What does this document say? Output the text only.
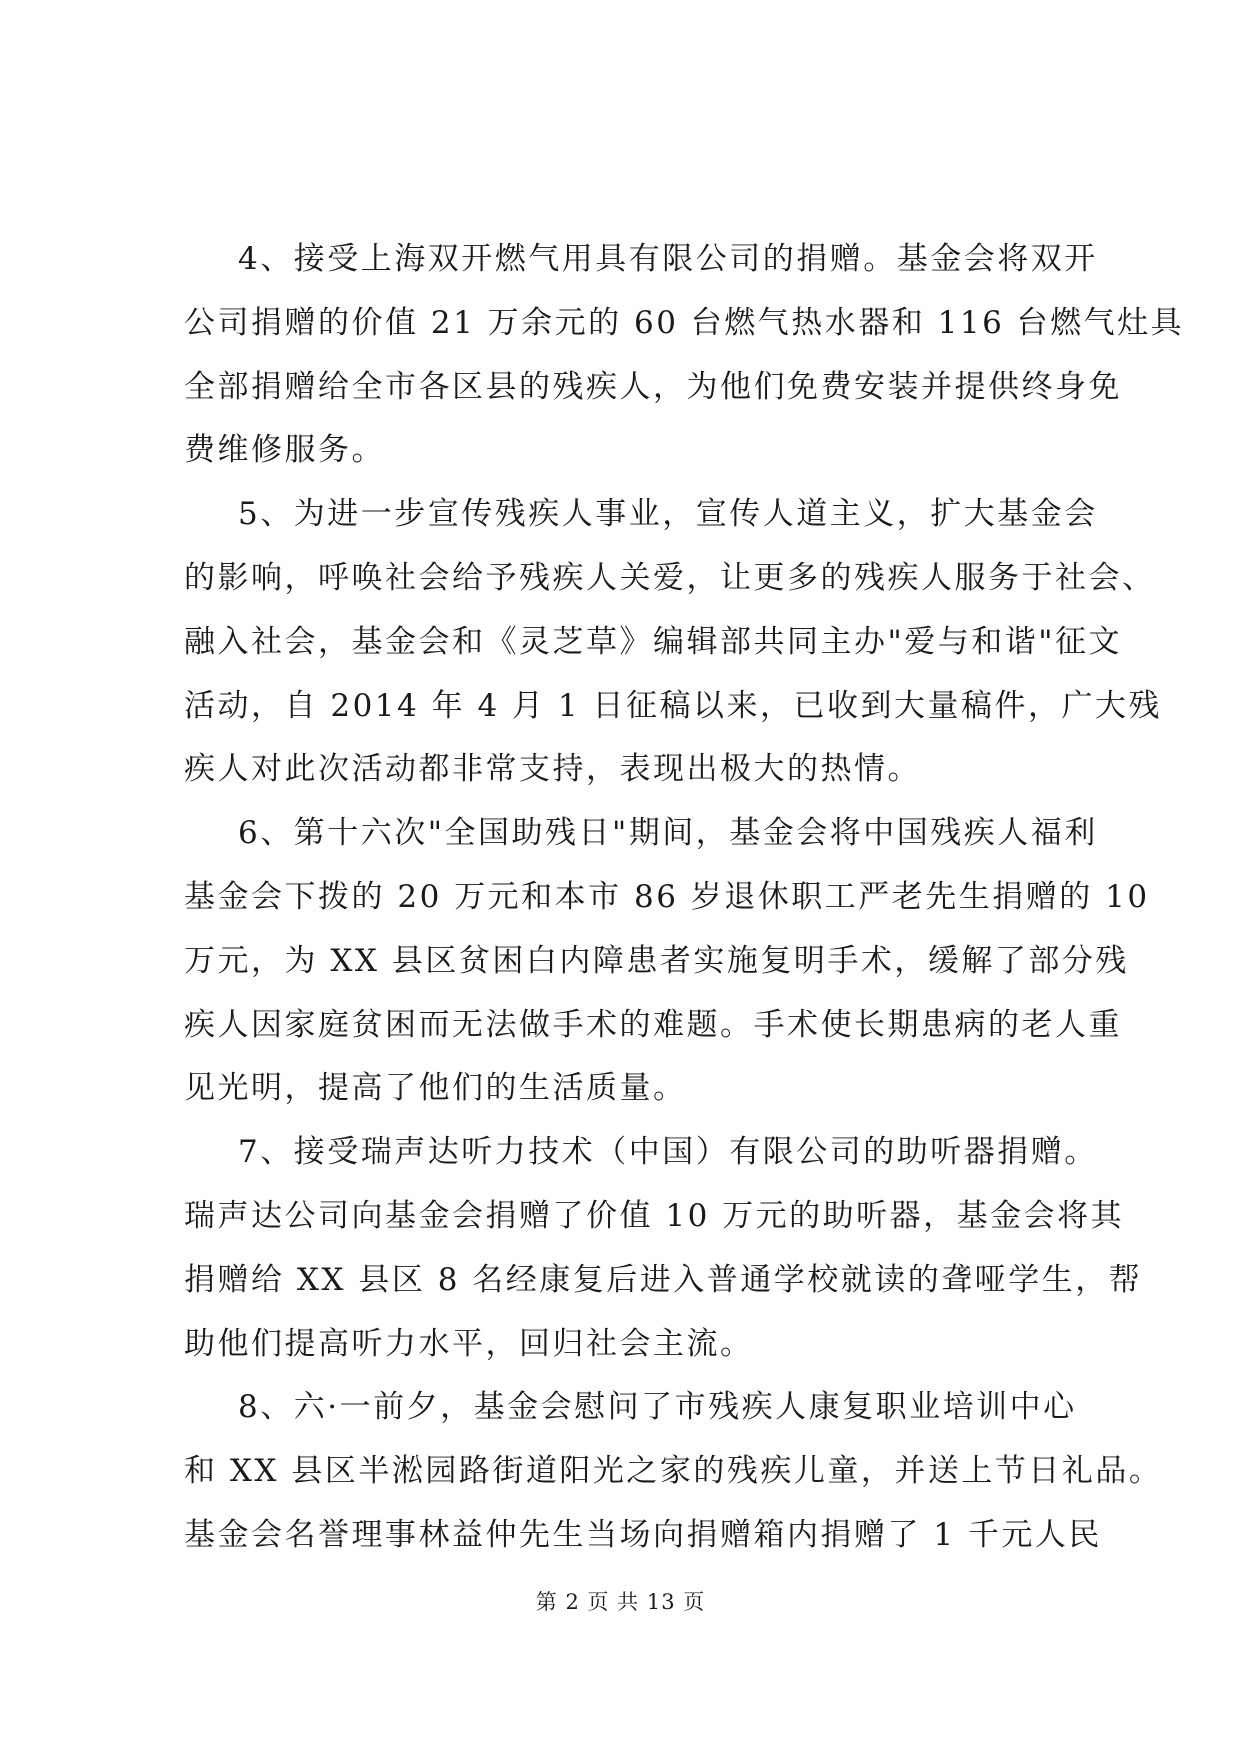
4、接受上海双开燃气用具有限公司的捐赠。基金会将双开
公司捐赠的价值 21 万余元的 60 台燃气热水器和 116 台燃气灶具
全部捐赠给全市各区县的残疾人，为他们免费安装并提供终身免
费维修服务。

5、为进一步宣传残疾人事业，宣传人道主义，扩大基金会
的影响，呼唤社会给予残疾人关爱，让更多的残疾人服务于社会、
融入社会，基金会和《灵芝草》编辑部共同主办"爱与和谐"征文
活动，自 2014 年 4 月 1 日征稿以来，已收到大量稿件，广大残
疾人对此次活动都非常支持，表现出极大的热情。

6、第十六次"全国助残日"期间，基金会将中国残疾人福利
基金会下拨的 20 万元和本市 86 岁退休职工严老先生捐赠的 10
万元，为 XX 县区贫困白内障患者实施复明手术，缓解了部分残
疾人因家庭贫困而无法做手术的难题。手术使长期患病的老人重
见光明，提高了他们的生活质量。

7、接受瑞声达听力技术（中国）有限公司的助听器捐赠。
瑞声达公司向基金会捐赠了价值 10 万元的助听器，基金会将其
捐赠给 XX 县区 8 名经康复后进入普通学校就读的聋哑学生，帮
助他们提高听力水平，回归社会主流。

8、六·一前夕，基金会慰问了市残疾人康复职业培训中心
和 XX 县区半淞园路街道阳光之家的残疾儿童，并送上节日礼品。
基金会名誉理事林益仲先生当场向捐赠箱内捐赠了 1 千元人民

第 2 页 共 13 页
